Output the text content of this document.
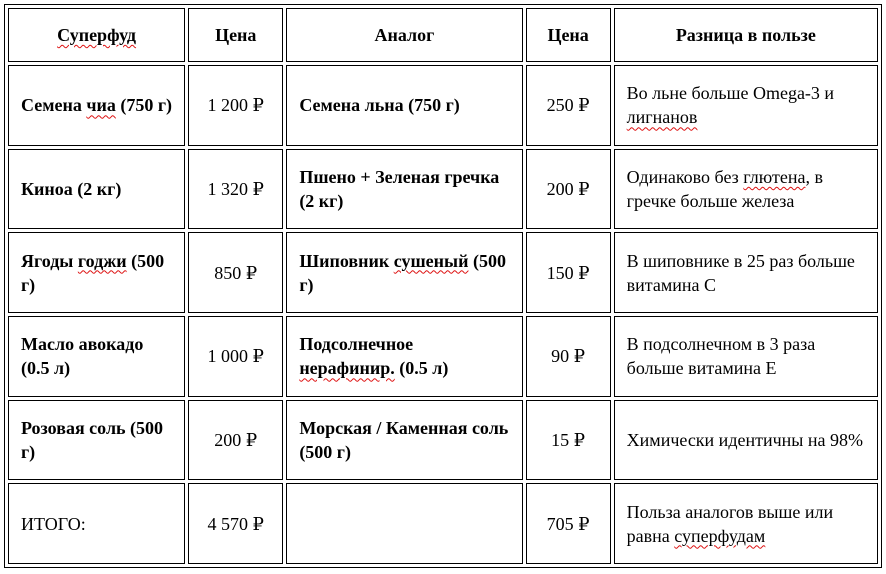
Суперфуд	Цена	Аналог	Цена	Разница в пользе
Семена чиа (750 г)	1 200 ₽	Семена льна (750 г)	250 ₽	Во льне больше Omega-3 и лигнанов
Киноа (2 кг)	1 320 ₽	Пшено + Зеленая гречка (2 кг)	200 ₽	Одинаково без глютена, в гречке больше железа
Ягоды годжи (500 г)	850 ₽	Шиповник сушеный (500 г)	150 ₽	В шиповнике в 25 раз больше витамина С
Масло авокадо (0.5 л)	1 000 ₽	Подсолнечное нерафинир. (0.5 л)	90 ₽	В подсолнечном в 3 раза больше витамина Е
Розовая соль (500 г)	200 ₽	Морская / Каменная соль (500 г)	15 ₽	Химически идентичны на 98%
ИТОГО:	4 570 ₽		705 ₽	Польза аналогов выше или равна суперфудам
